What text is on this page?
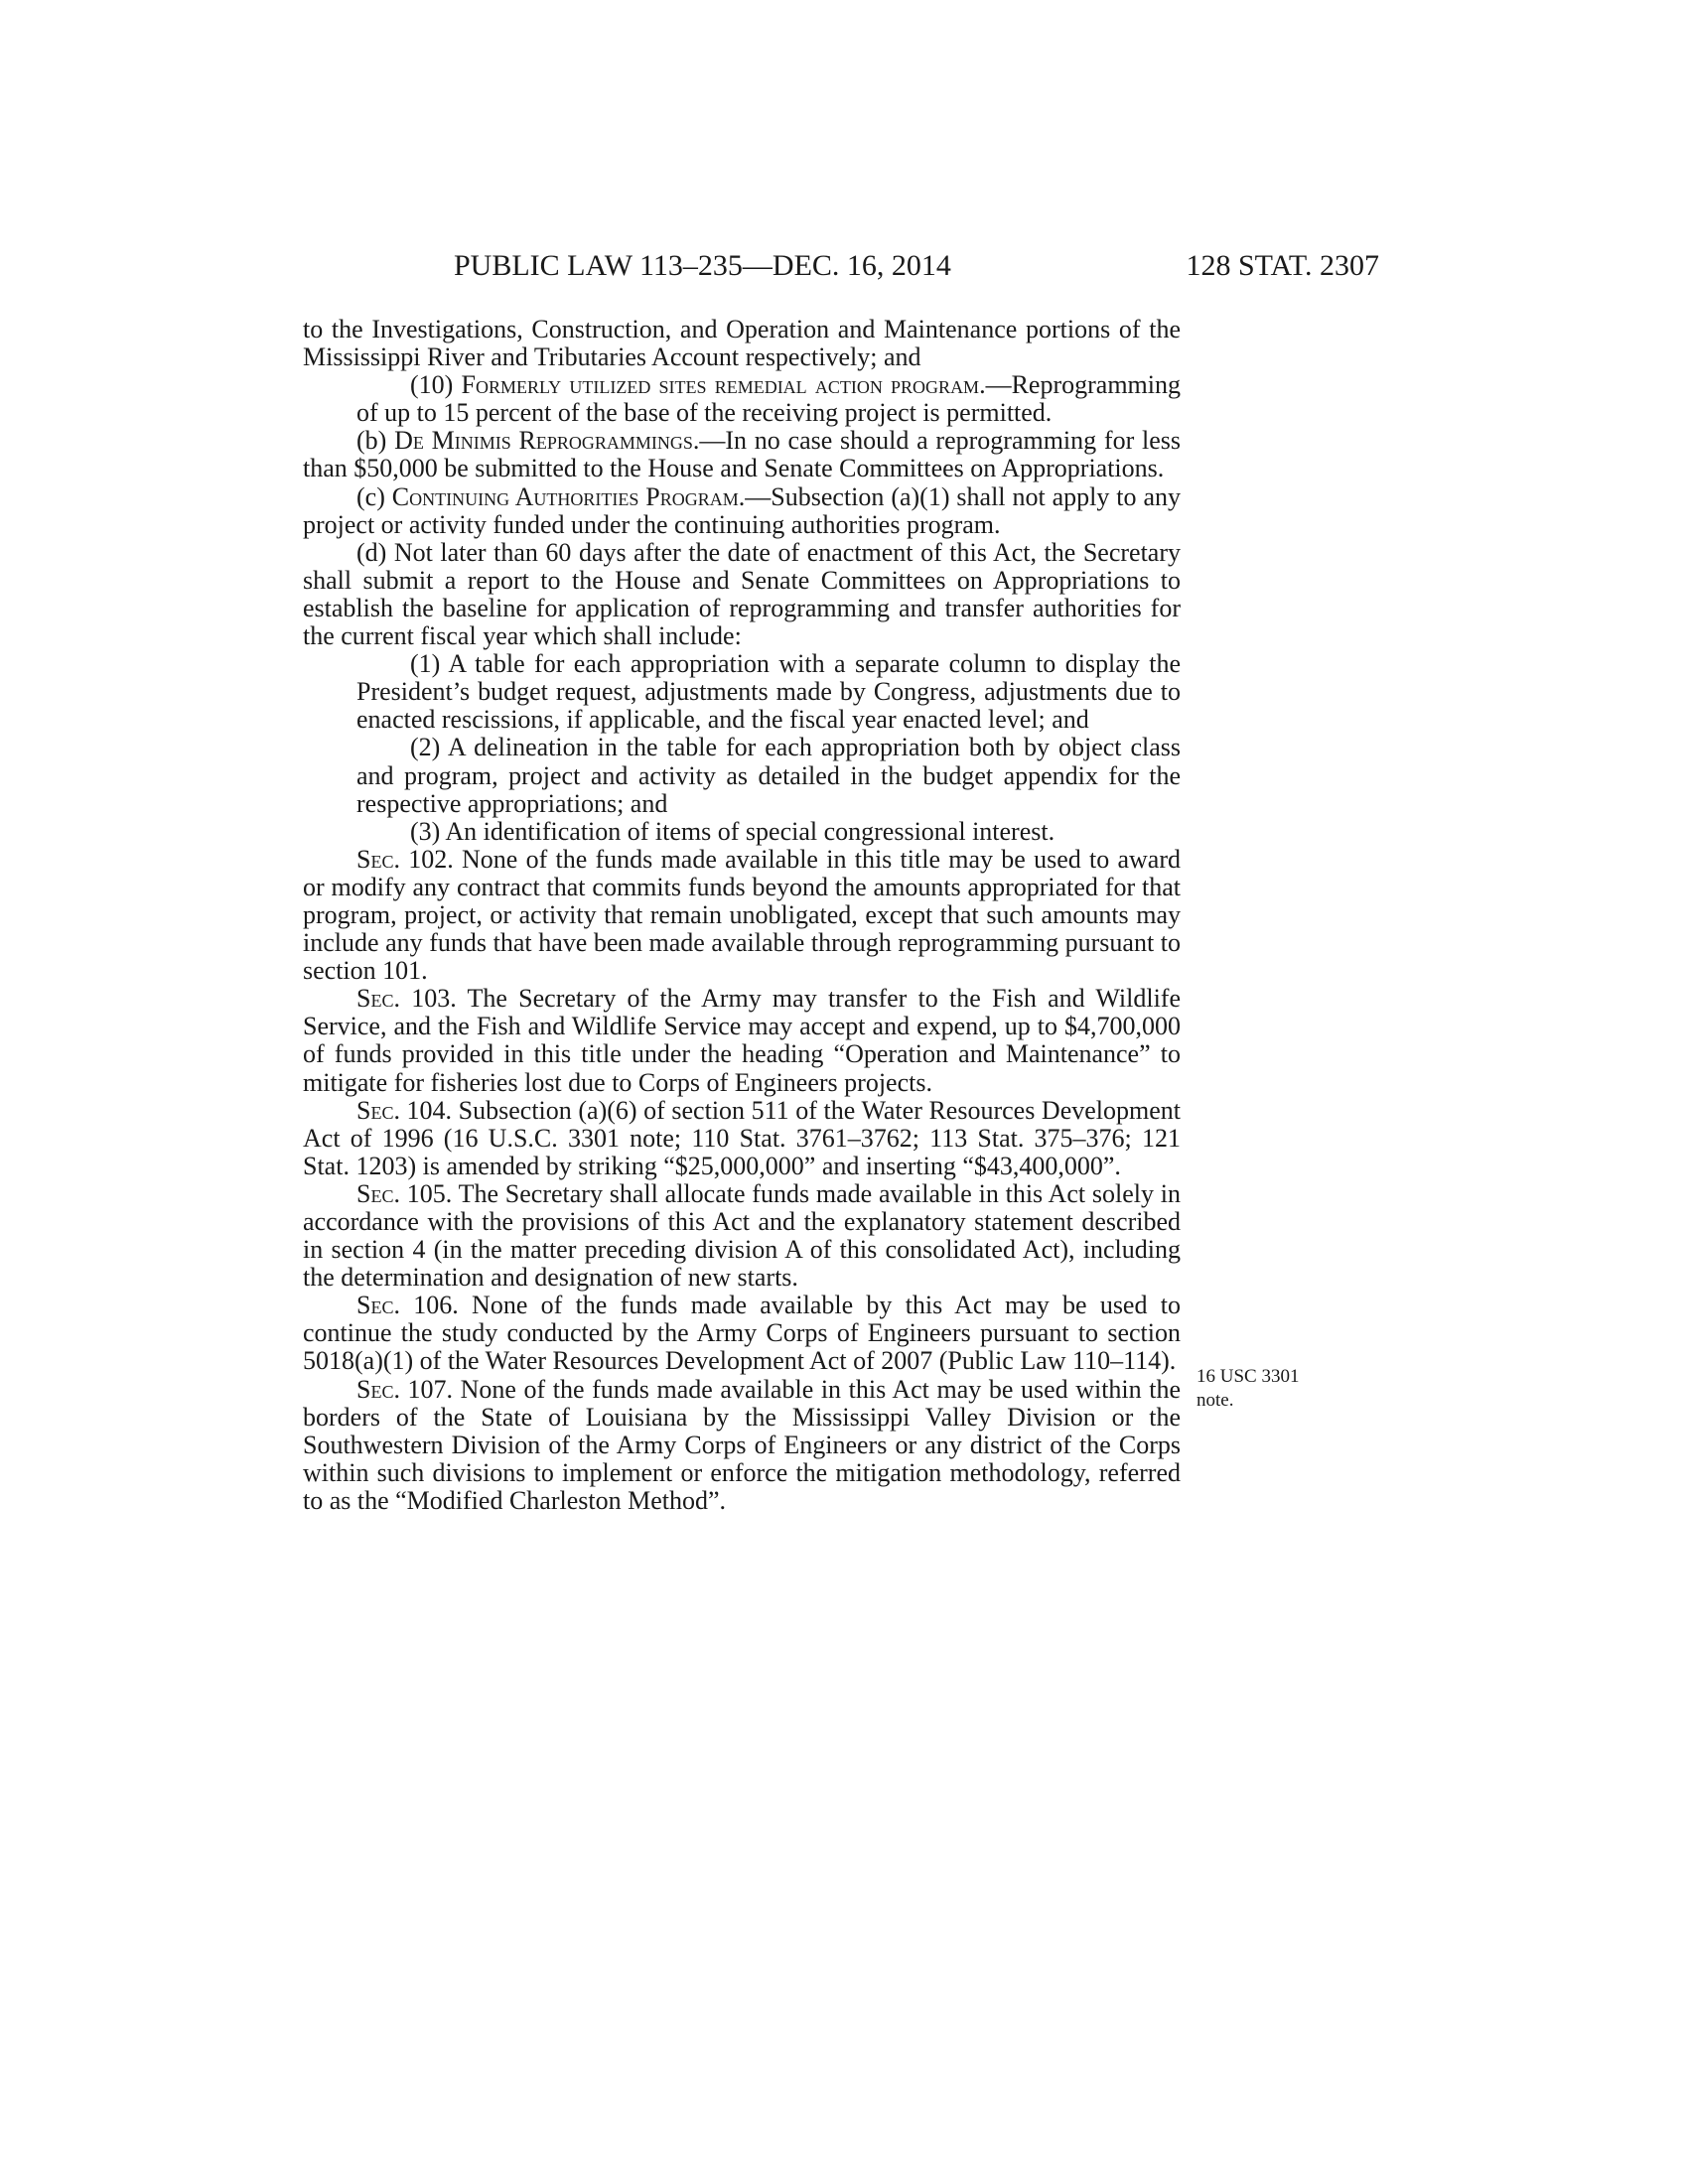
PUBLIC LAW 113–235—DEC. 16, 2014	128 STAT. 2307

to the Investigations, Construction, and Operation and Maintenance portions of the Mississippi River and Tributaries Account respectively; and

(10) Formerly utilized sites remedial action program.—Reprogramming of up to 15 percent of the base of the receiving project is permitted.

(b) De Minimis Reprogrammings.—In no case should a reprogramming for less than $50,000 be submitted to the House and Senate Committees on Appropriations.

(c) Continuing Authorities Program.—Subsection (a)(1) shall not apply to any project or activity funded under the continuing authorities program.

(d) Not later than 60 days after the date of enactment of this Act, the Secretary shall submit a report to the House and Senate Committees on Appropriations to establish the baseline for application of reprogramming and transfer authorities for the current fiscal year which shall include:

(1) A table for each appropriation with a separate column to display the President’s budget request, adjustments made by Congress, adjustments due to enacted rescissions, if applicable, and the fiscal year enacted level; and

(2) A delineation in the table for each appropriation both by object class and program, project and activity as detailed in the budget appendix for the respective appropriations; and

(3) An identification of items of special congressional interest.

Sec. 102. None of the funds made available in this title may be used to award or modify any contract that commits funds beyond the amounts appropriated for that program, project, or activity that remain unobligated, except that such amounts may include any funds that have been made available through reprogramming pursuant to section 101.

Sec. 103. The Secretary of the Army may transfer to the Fish and Wildlife Service, and the Fish and Wildlife Service may accept and expend, up to $4,700,000 of funds provided in this title under the heading “Operation and Maintenance” to mitigate for fisheries lost due to Corps of Engineers projects.

Sec. 104. Subsection (a)(6) of section 511 of the Water Resources Development Act of 1996 (16 U.S.C. 3301 note; 110 Stat. 3761–3762; 113 Stat. 375–376; 121 Stat. 1203) is amended by striking “$25,000,000” and inserting “$43,400,000”.

Sec. 105. The Secretary shall allocate funds made available in this Act solely in accordance with the provisions of this Act and the explanatory statement described in section 4 (in the matter preceding division A of this consolidated Act), including the determination and designation of new starts.

Sec. 106. None of the funds made available by this Act may be used to continue the study conducted by the Army Corps of Engineers pursuant to section 5018(a)(1) of the Water Resources Development Act of 2007 (Public Law 110–114).

Sec. 107. None of the funds made available in this Act may be used within the borders of the State of Louisiana by the Mississippi Valley Division or the Southwestern Division of the Army Corps of Engineers or any district of the Corps within such divisions to implement or enforce the mitigation methodology, referred to as the “Modified Charleston Method”.

16 USC 3301
note.
